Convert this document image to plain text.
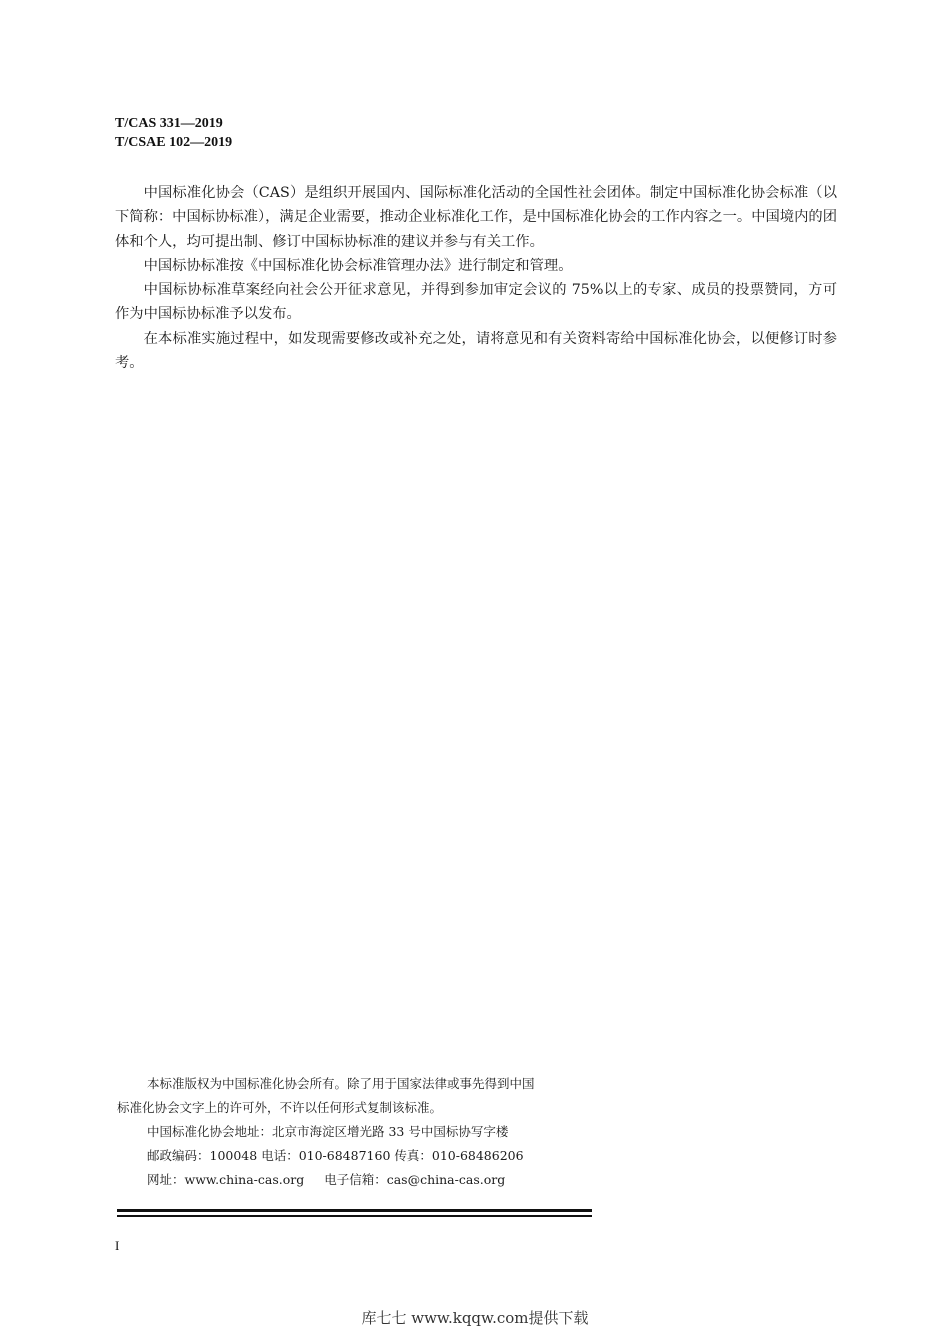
T/CAS 331—2019
T/CSAE 102—2019

中国标准化协会（CAS）是组织开展国内、国际标准化活动的全国性社会团体。制定中国标准化协会标准（以下简称：中国标协标准），满足企业需要，推动企业标准化工作，是中国标准化协会的工作内容之一。中国境内的团体和个人，均可提出制、修订中国标协标准的建议并参与有关工作。

中国标协标准按《中国标准化协会标准管理办法》进行制定和管理。

中国标协标准草案经向社会公开征求意见，并得到参加审定会议的 75%以上的专家、成员的投票赞同，方可作为中国标协标准予以发布。

在本标准实施过程中，如发现需要修改或补充之处，请将意见和有关资料寄给中国标准化协会，以便修订时参考。

本标准版权为中国标准化协会所有。除了用于国家法律或事先得到中国

标准化协会文字上的许可外，不许以任何形式复制该标准。

中国标准化协会地址：北京市海淀区增光路 33 号中国标协写字楼

邮政编码：100048 电话：010-68487160 传真：010-68486206

网址：www.china-cas.org 电子信箱：cas@china-cas.org

I
库七七 www.kqqw.com提供下载
